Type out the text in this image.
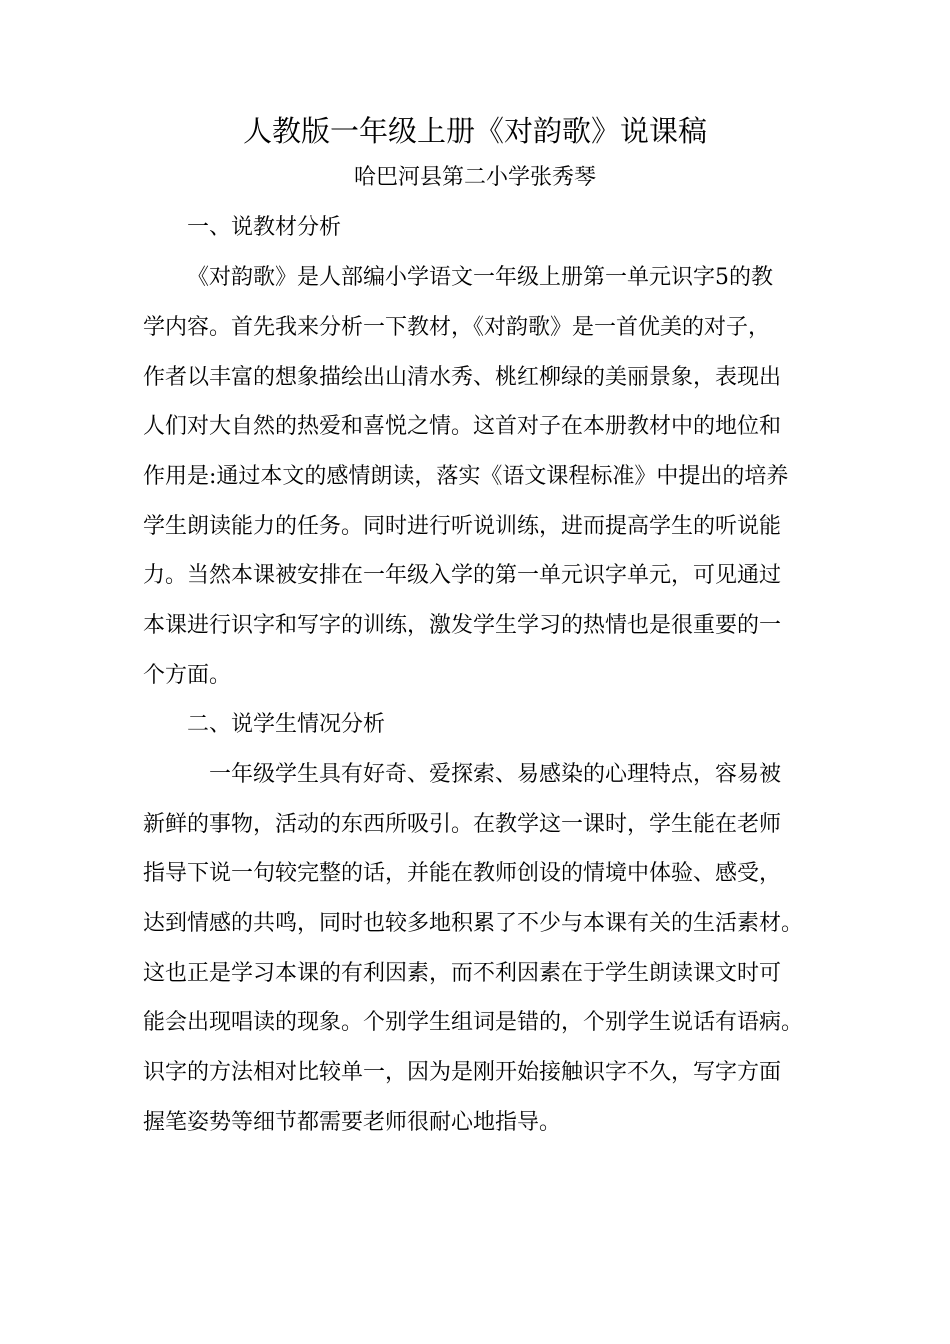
人教版一年级上册《对韵歌》说课稿
哈巴河县第二小学张秀琴
一、说教材分析
《对韵歌》是人部编小学语文一年级上册第一单元识字5的教
学内容。首先我来分析一下教材，《对韵歌》是一首优美的对子，
作者以丰富的想象描绘出山清水秀、桃红柳绿的美丽景象，表现出
人们对大自然的热爱和喜悦之情。这首对子在本册教材中的地位和
作用是:通过本文的感情朗读，落实《语文课程标准》中提出的培养
学生朗读能力的任务。同时进行听说训练，进而提高学生的听说能
力。当然本课被安排在一年级入学的第一单元识字单元，可见通过
本课进行识字和写字的训练，激发学生学习的热情也是很重要的一
个方面。
二、说学生情况分析
一年级学生具有好奇、爱探索、易感染的心理特点，容易被
新鲜的事物，活动的东西所吸引。在教学这一课时，学生能在老师
指导下说一句较完整的话，并能在教师创设的情境中体验、感受，
达到情感的共鸣，同时也较多地积累了不少与本课有关的生活素材。
这也正是学习本课的有利因素，而不利因素在于学生朗读课文时可
能会出现唱读的现象。个别学生组词是错的，个别学生说话有语病。
识字的方法相对比较单一，因为是刚开始接触识字不久，写字方面
握笔姿势等细节都需要老师很耐心地指导。
